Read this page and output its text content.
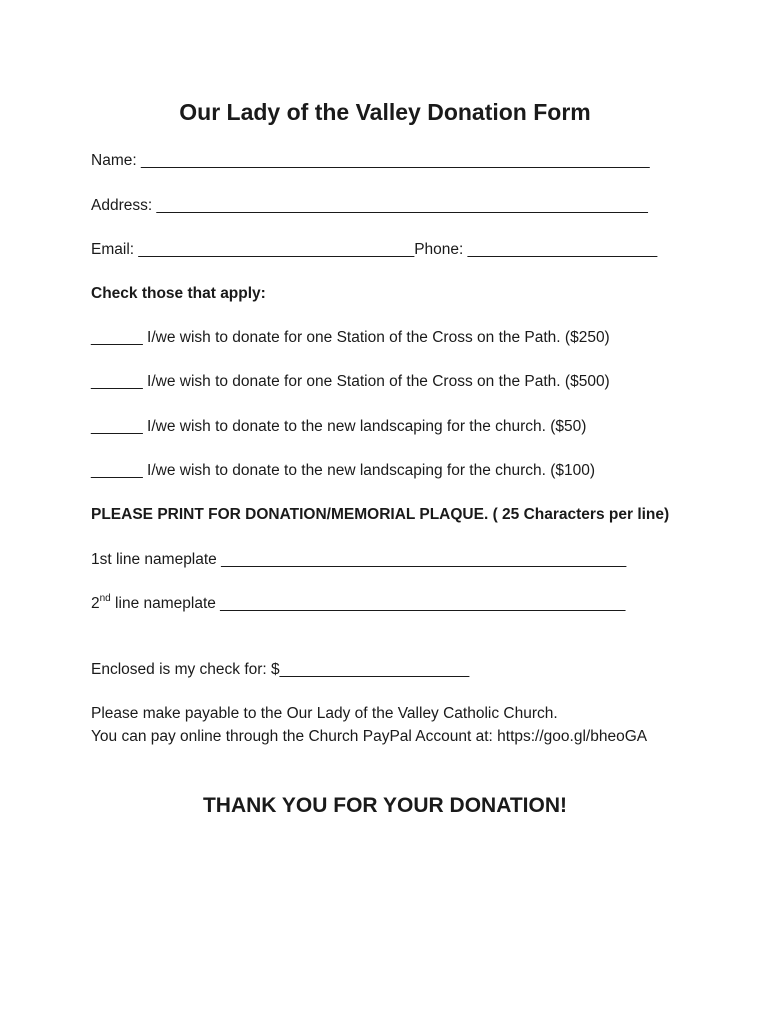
Our Lady of the Valley Donation Form
Name: ___________________________________________________________
Address: _________________________________________________________
Email: ________________________________Phone: ______________________
Check those that apply:
______ I/we wish to donate for one Station of the Cross on the Path. ($250)
______ I/we wish to donate for one Station of the Cross on the Path. ($500)
______ I/we wish to donate to the new landscaping for the church. ($50)
______ I/we wish to donate to the new landscaping for the church. ($100)
PLEASE PRINT FOR DONATION/MEMORIAL PLAQUE. ( 25 Characters per line)
1st line nameplate _______________________________________________
2nd line nameplate _______________________________________________
Enclosed is my check for: $______________________
Please make payable to the Our Lady of the Valley Catholic Church.
You can pay online through the Church PayPal Account at: https://goo.gl/bheoGA
THANK YOU FOR YOUR DONATION!
